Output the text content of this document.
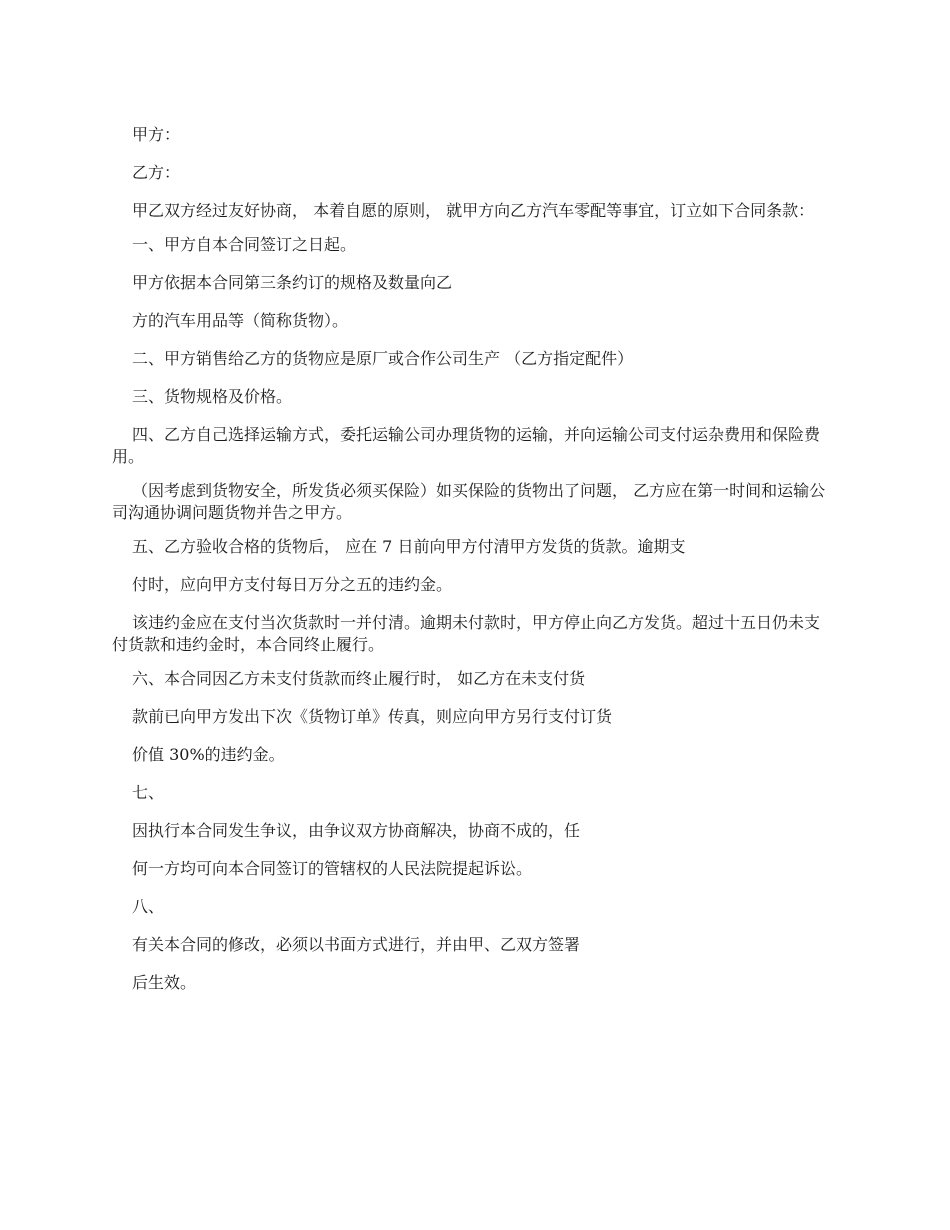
甲方：

乙方：

甲乙双方经过友好协商， 本着自愿的原则， 就甲方向乙方汽车零配等事宜，订立如下合同条款：

一、甲方自本合同签订之日起。

甲方依据本合同第三条约订的规格及数量向乙

方的汽车用品等（简称货物）。

二、甲方销售给乙方的货物应是原厂或合作公司生产 （乙方指定配件）

三、货物规格及价格。

四、乙方自己选择运输方式，委托运输公司办理货物的运输，并向运输公司支付运杂费用和保险费用。

（因考虑到货物安全，所发货必须买保险）如买保险的货物出了问题， 乙方应在第一时间和运输公司沟通协调问题货物并告之甲方。

五、乙方验收合格的货物后， 应在 7 日前向甲方付清甲方发货的货款。逾期支

付时，应向甲方支付每日万分之五的违约金。

该违约金应在支付当次货款时一并付清。逾期未付款时，甲方停止向乙方发货。超过十五日仍未支付货款和违约金时，本合同终止履行。

六、本合同因乙方未支付货款而终止履行时， 如乙方在未支付货

款前已向甲方发出下次《货物订单》传真，则应向甲方另行支付订货

价值 30%的违约金。

七、

因执行本合同发生争议，由争议双方协商解决，协商不成的，任

何一方均可向本合同签订的管辖权的人民法院提起诉讼。

八、

有关本合同的修改，必须以书面方式进行，并由甲、乙双方签署

后生效。
